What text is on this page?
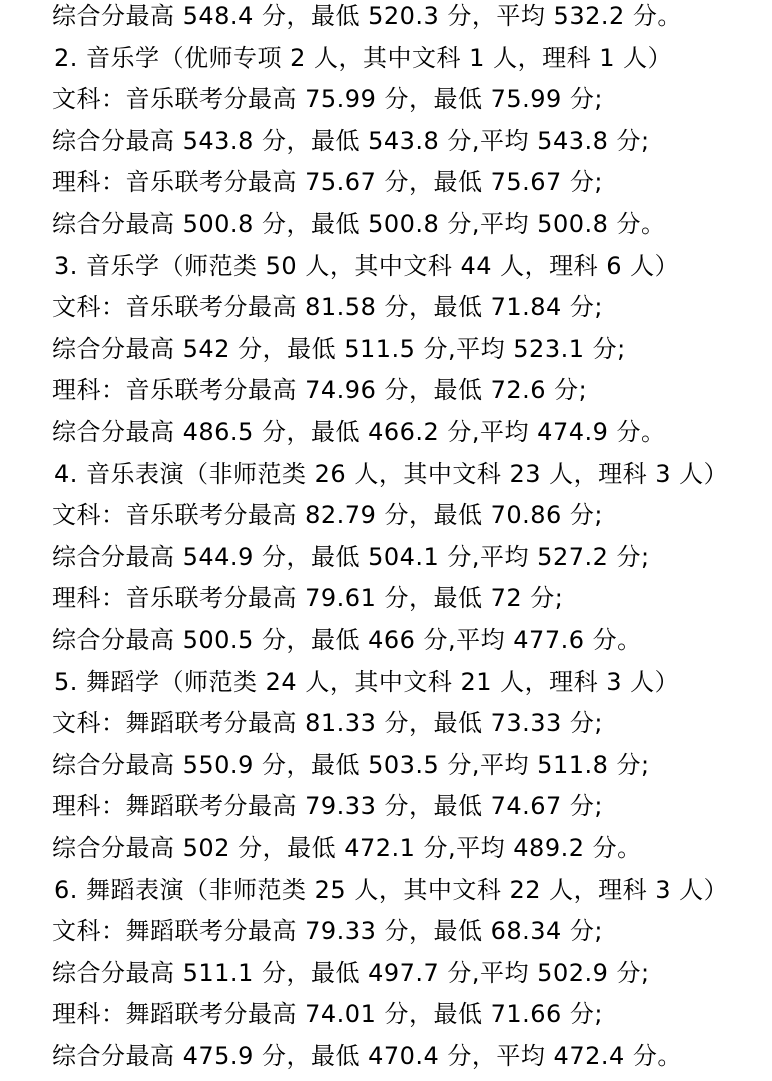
综合分最高 548.4 分，最低 520.3 分，平均 532.2 分。
2. 音乐学（优师专项 2 人，其中文科 1 人，理科 1 人）
文科：音乐联考分最高 75.99 分，最低 75.99 分;
综合分最高 543.8 分，最低 543.8 分,平均 543.8 分;
理科：音乐联考分最高 75.67 分，最低 75.67 分;
综合分最高 500.8 分，最低 500.8 分,平均 500.8 分。
3. 音乐学（师范类 50 人，其中文科 44 人，理科 6 人）
文科：音乐联考分最高 81.58 分，最低 71.84 分;
综合分最高 542 分，最低 511.5 分,平均 523.1 分;
理科：音乐联考分最高 74.96 分，最低 72.6 分;
综合分最高 486.5 分，最低 466.2 分,平均 474.9 分。
4. 音乐表演（非师范类 26 人，其中文科 23 人，理科 3 人）
文科：音乐联考分最高 82.79 分，最低 70.86 分;
综合分最高 544.9 分，最低 504.1 分,平均 527.2 分;
理科：音乐联考分最高 79.61 分，最低 72 分;
综合分最高 500.5 分，最低 466 分,平均 477.6 分。
5. 舞蹈学（师范类 24 人，其中文科 21 人，理科 3 人）
文科：舞蹈联考分最高 81.33 分，最低 73.33 分;
综合分最高 550.9 分，最低 503.5 分,平均 511.8 分;
理科：舞蹈联考分最高 79.33 分，最低 74.67 分;
综合分最高 502 分，最低 472.1 分,平均 489.2 分。
6. 舞蹈表演（非师范类 25 人，其中文科 22 人，理科 3 人）
文科：舞蹈联考分最高 79.33 分，最低 68.34 分;
综合分最高 511.1 分，最低 497.7 分,平均 502.9 分;
理科：舞蹈联考分最高 74.01 分，最低 71.66 分;
综合分最高 475.9 分，最低 470.4 分，平均 472.4 分。
